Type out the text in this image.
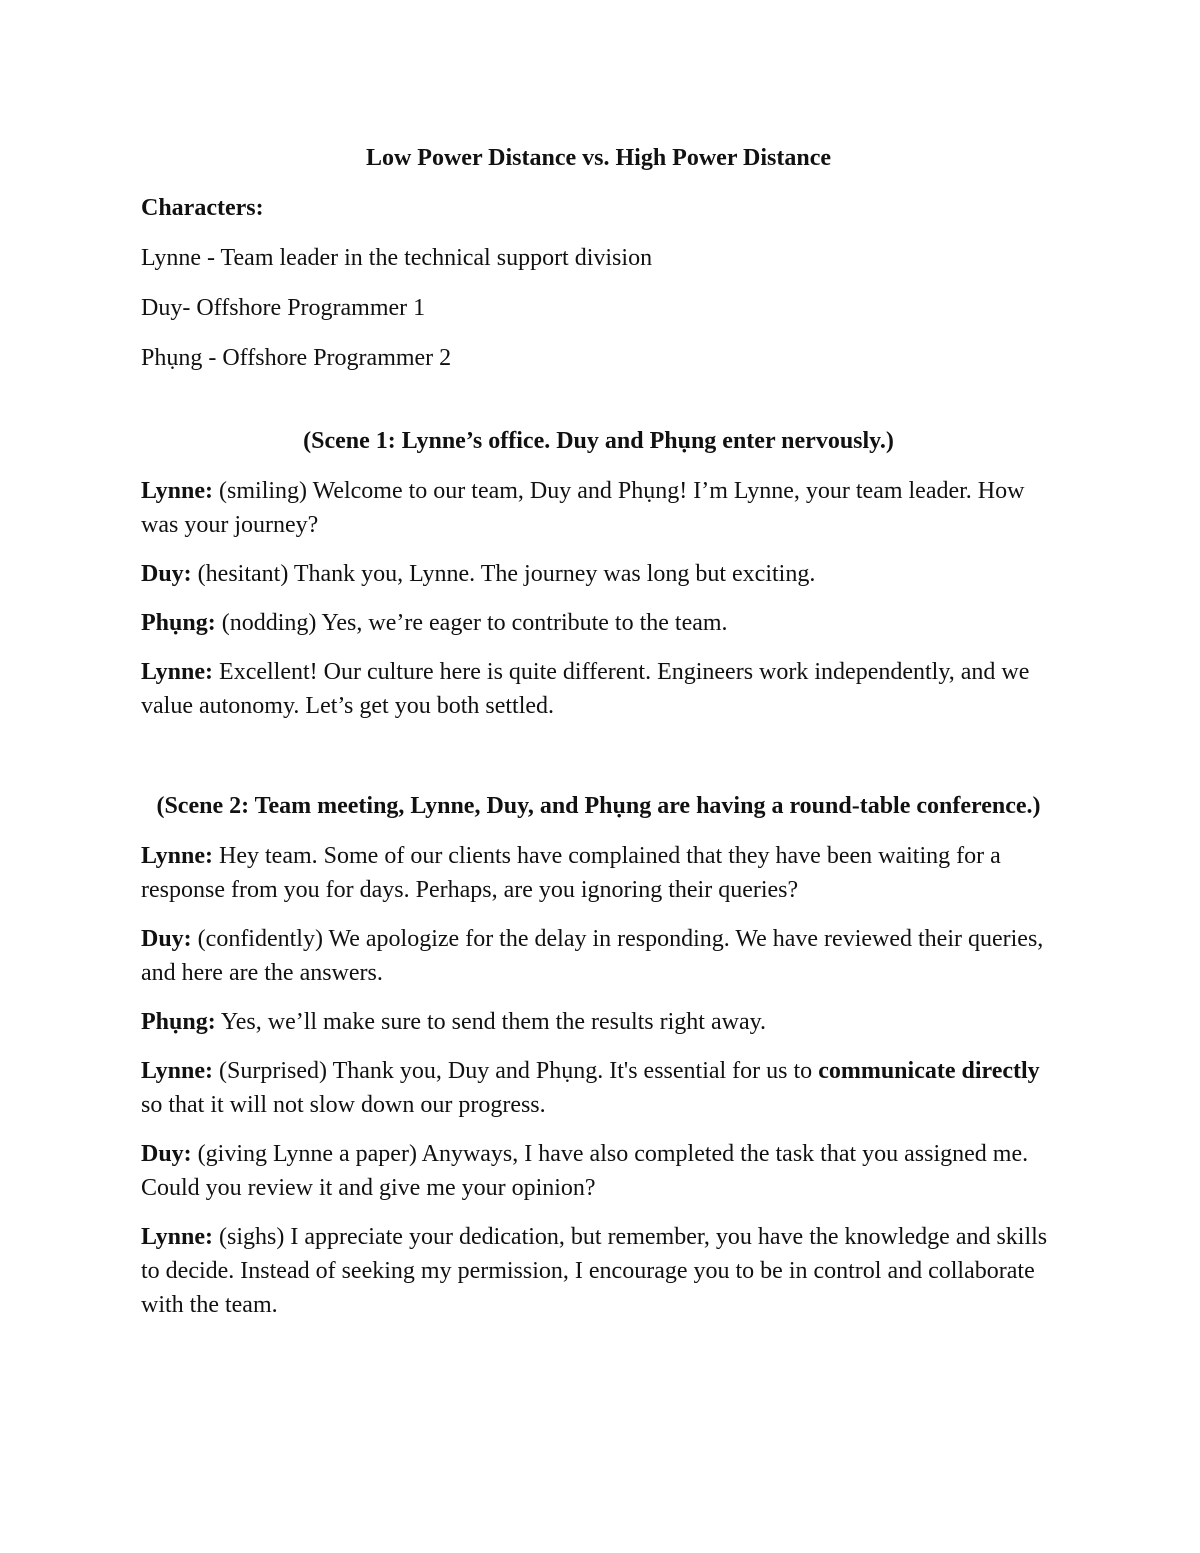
Low Power Distance vs. High Power Distance

Characters:

Lynne - Team leader in the technical support division

Duy- Offshore Programmer 1

Phụng - Offshore Programmer 2

(Scene 1: Lynne’s office. Duy and Phụng enter nervously.)

Lynne: (smiling) Welcome to our team, Duy and Phụng! I’m Lynne, your team leader. How was your journey?

Duy: (hesitant) Thank you, Lynne. The journey was long but exciting.

Phụng: (nodding) Yes, we’re eager to contribute to the team.

Lynne: Excellent! Our culture here is quite different. Engineers work independently, and we value autonomy. Let’s get you both settled.

(Scene 2: Team meeting, Lynne, Duy, and Phụng are having a round-table conference.)

Lynne: Hey team. Some of our clients have complained that they have been waiting for a response from you for days. Perhaps, are you ignoring their queries?

Duy: (confidently) We apologize for the delay in responding. We have reviewed their queries, and here are the answers.

Phụng: Yes, we’ll make sure to send them the results right away.

Lynne: (Surprised) Thank you, Duy and Phụng. It's essential for us to communicate directly so that it will not slow down our progress.

Duy: (giving Lynne a paper) Anyways, I have also completed the task that you assigned me. Could you review it and give me your opinion?

Lynne: (sighs) I appreciate your dedication, but remember, you have the knowledge and skills to decide. Instead of seeking my permission, I encourage you to be in control and collaborate with the team.
